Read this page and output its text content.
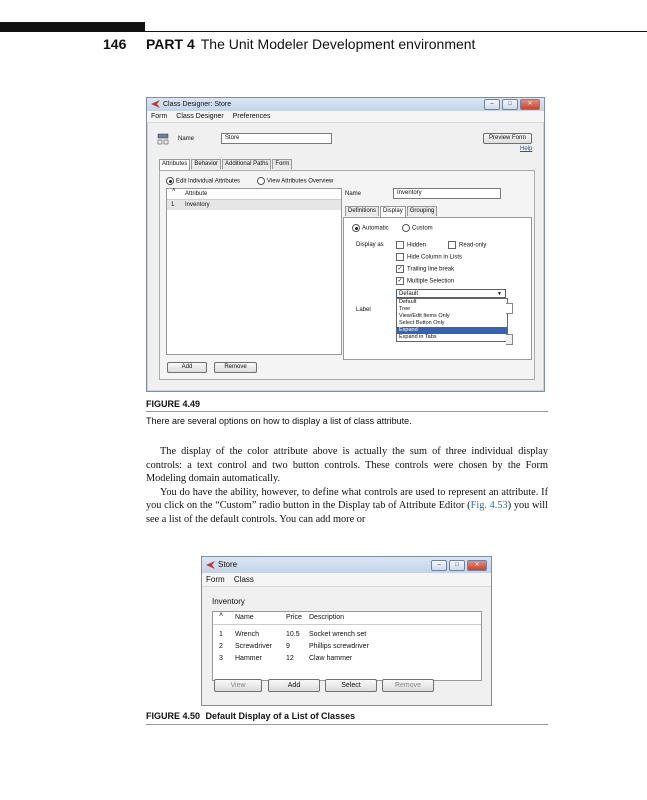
146 PART 4 The Unit Modeler Development environment
Class Designer: Store	–	□	✕
Form Class Designer Preferences
Name	Store	Preview Form
Help
Attributes	Behavior	Additional Paths	Form
Edit Individual Attributes	View Attributes Overview
˄ Attribute
1 Inventory
Add	Remove
Name	Inventory
Definitions	Display	Grouping
Automatic	Custom
Display as	Hidden	Read-only
Hide Column in Lists
✓ Trailing line break
✓ Multiple Selection
Default	▼
Default
Tree
View/Edit Items Only
Select Button Only
Expand
Expand in Tabs
Label
FIGURE 4.49
There are several options on how to display a list of class attribute.

The display of the color attribute above is actually the sum of three individual display controls: a text control and two button controls. These controls were chosen by the Form Modeling domain automatically.

You do have the ability, however, to define what controls are used to represent an attribute. If you click on the “Custom” radio button in the Display tab of Attribute Editor (Fig. 4.53) you will see a list of the default controls. You can add more or

Store	–	□	✕
Form Class
Inventory
˄ Name	Price Description
1 Wrench	10.5 Socket wrench set
2 Screwdriver 9	Phillips screwdriver
3 Hammer	12 Claw hammer
View	Add	Select	Remove
FIGURE 4.50 Default Display of a List of Classes
